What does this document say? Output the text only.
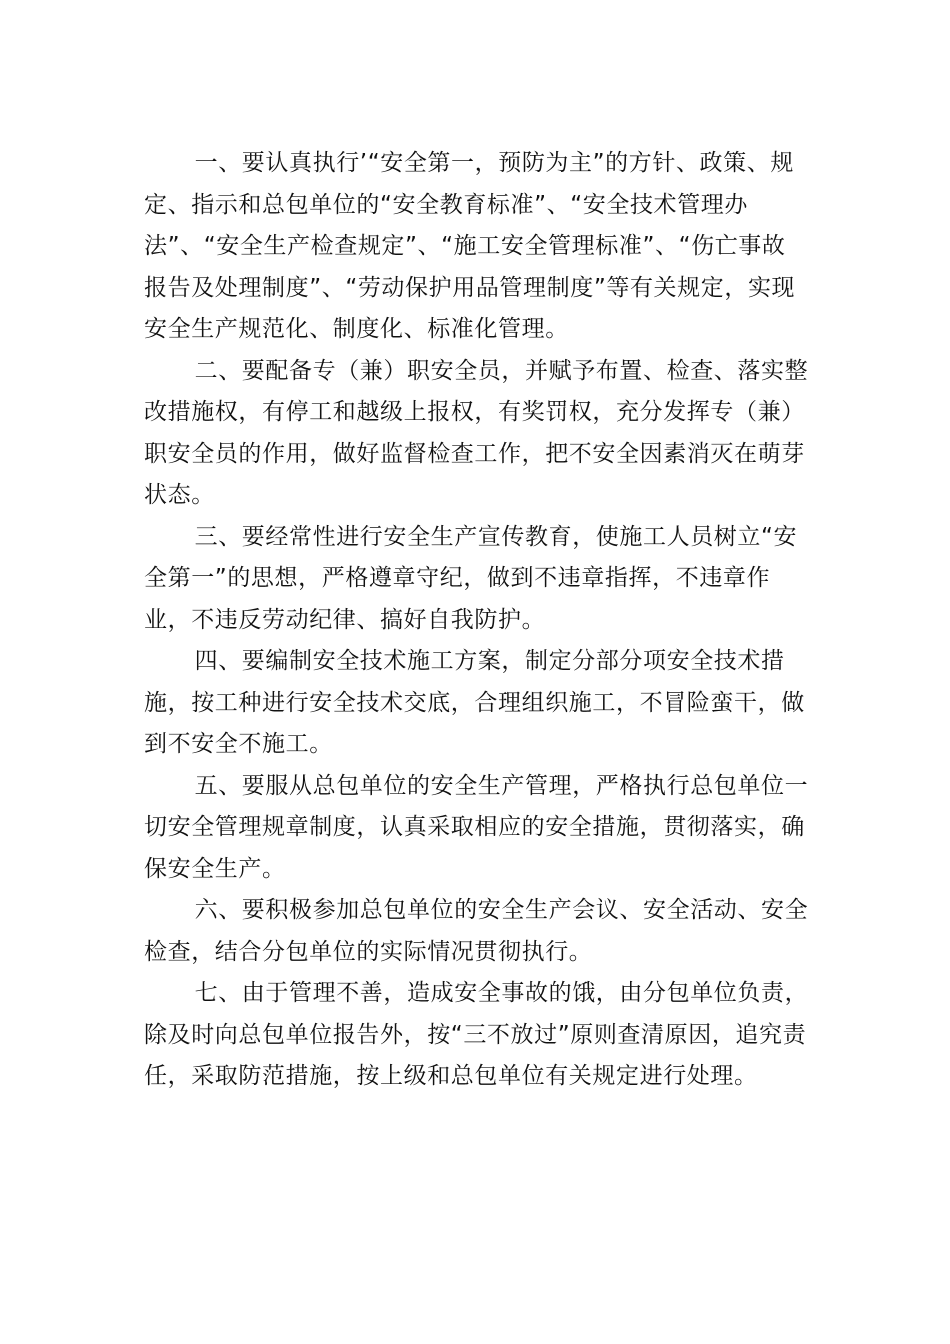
一、要认真执行’“安全第一，预防为主”的方针、政策、规定、指示和总包单位的“安全教育标准”、“安全技术管理办法”、“安全生产检查规定”、“施工安全管理标准”、“伤亡事故报告及处理制度”、“劳动保护用品管理制度”等有关规定，实现安全生产规范化、制度化、标准化管理。

二、要配备专（兼）职安全员，并赋予布置、检查、落实整改措施权，有停工和越级上报权，有奖罚权，充分发挥专（兼）职安全员的作用，做好监督检查工作，把不安全因素消灭在萌芽状态。

三、要经常性进行安全生产宣传教育，使施工人员树立“安全第一”的思想，严格遵章守纪，做到不违章指挥，不违章作业，不违反劳动纪律、搞好自我防护。

四、要编制安全技术施工方案，制定分部分项安全技术措施，按工种进行安全技术交底，合理组织施工，不冒险蛮干，做到不安全不施工。

五、要服从总包单位的安全生产管理，严格执行总包单位一切安全管理规章制度，认真采取相应的安全措施，贯彻落实，确保安全生产。

六、要积极参加总包单位的安全生产会议、安全活动、安全检查，结合分包单位的实际情况贯彻执行。

七、由于管理不善，造成安全事故的饿，由分包单位负责，除及时向总包单位报告外，按“三不放过”原则查清原因，追究责任，采取防范措施，按上级和总包单位有关规定进行处理。
